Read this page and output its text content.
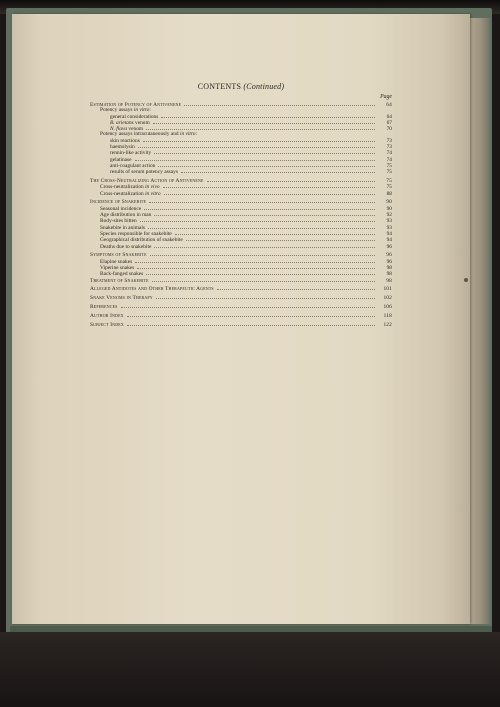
CONTENTS (Continued)
Page
Estimation of Potency of Antivenene	64
Potency assays in vitro:
general considerations	64
B. arietans venom	67
N. flava venom	70
Potency assays intracutaneously and in vitro:
skin reactions	73
haemolysin	73
rennin-like activity	74
gelatinase	74
anti-coagulant action	75
results of serum potency assays	75
The Cross-Neutralizing Action of Antivenene	75
Cross-neutralization in vivo	75
Cross-neutralization in vitro	88
Incidence of Snakebite	90
Seasonal incidence	90
Age distribution in man	92
Body-sites bitten	93
Snakebite in animals	93
Species responsible for snakebite	94
Geographical distribution of snakebite	94
Deaths due to snakebite	96
Symptoms of Snakebite	96
Elapine snakes	96
Viperine snakes	98
Back-fanged snakes	98
Treatment of Snakebite	98
Alleged Antidotes and Other Therapeutic Agents	101
Snake Venoms in Therapy	102
References	106
Author Index	118
Subject Index	122
